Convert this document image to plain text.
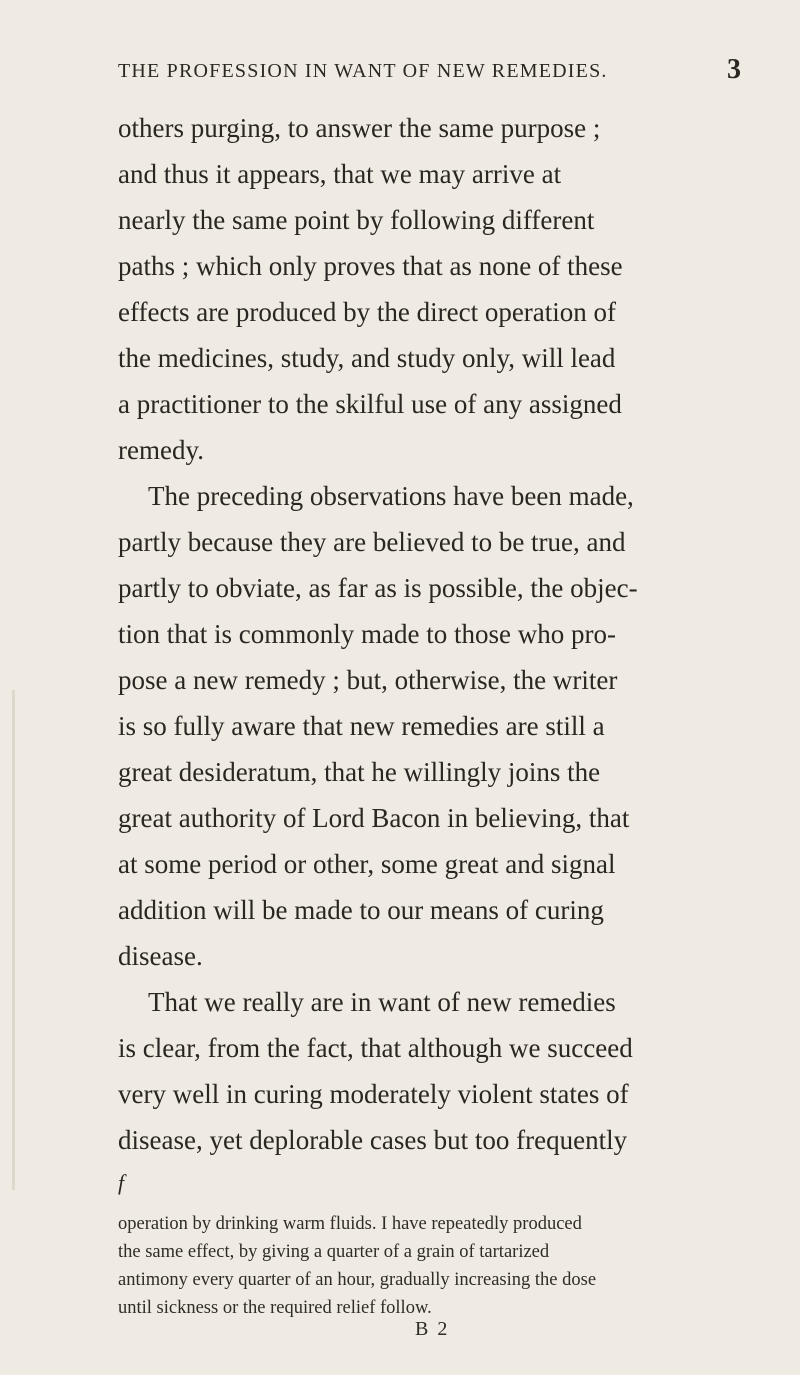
THE PROFESSION IN WANT OF NEW REMEDIES.	3
others purging, to answer the same purpose ;
and thus it appears, that we may arrive at
nearly the same point by following different
paths ; which only proves that as none of these
effects are produced by the direct operation of
the medicines, study, and study only, will lead
a practitioner to the skilful use of any assigned
remedy.
The preceding observations have been made,
partly because they are believed to be true, and
partly to obviate, as far as is possible, the objec-
tion that is commonly made to those who pro-
pose a new remedy ; but, otherwise, the writer
is so fully aware that new remedies are still a
great desideratum, that he willingly joins the
great authority of Lord Bacon in believing, that
at some period or other, some great and signal
addition will be made to our means of curing
disease.
That we really are in want of new remedies
is clear, from the fact, that although we succeed
very well in curing moderately violent states of
disease, yet deplorable cases but too frequently
f
operation by drinking warm fluids. I have repeatedly produced
the same effect, by giving a quarter of a grain of tartarized
antimony every quarter of an hour, gradually increasing the dose
until sickness or the required relief follow.
B 2
